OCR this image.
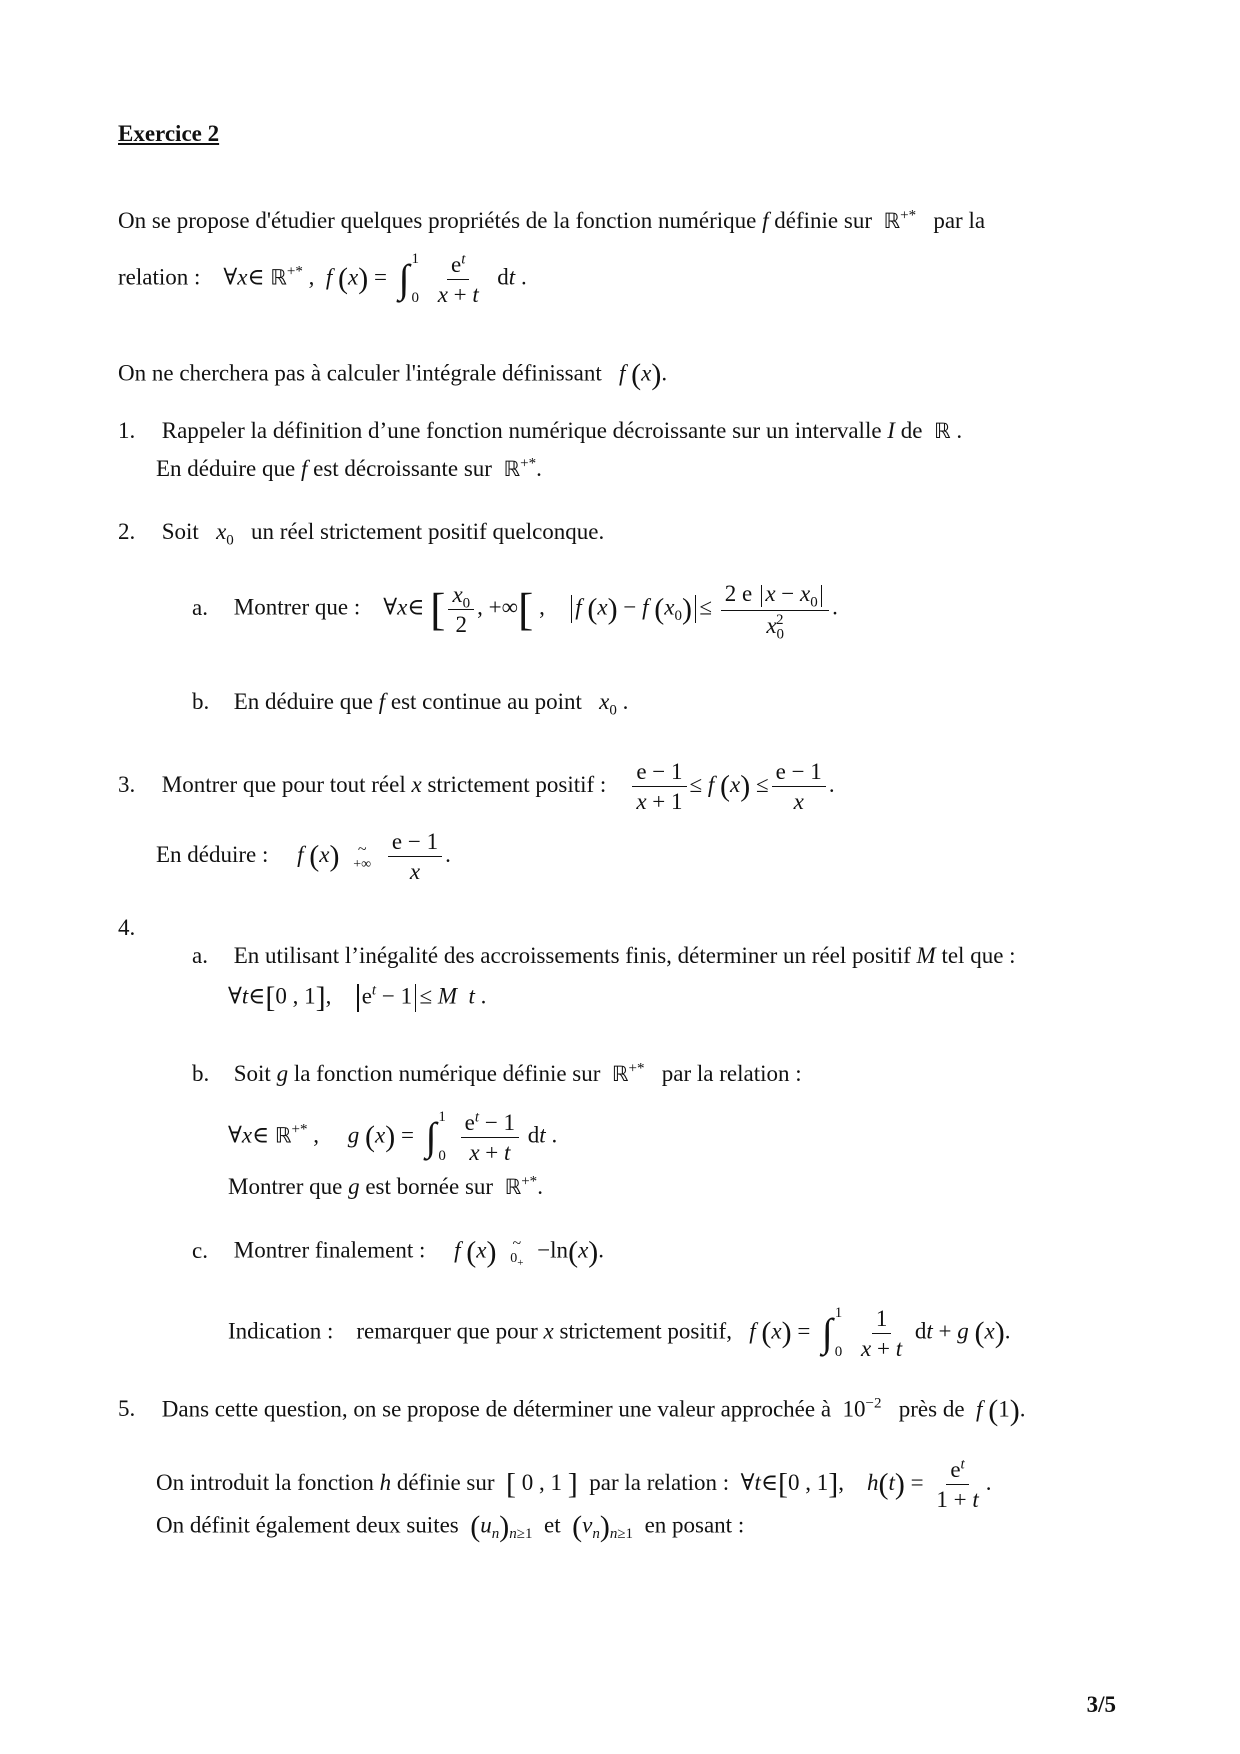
Exercice 2
On se propose d'étudier quelques propriétés de la fonction numérique f définie sur ℝ+* par la
relation : ∀x∈ ℝ+* ,  f (x) = ∫ 1
0
$\frac{e^t}{x + t}$ dt .
On ne cherchera pas à calculer l'intégrale définissant f (x).
1. Rappeler la définition d’une fonction numérique décroissante sur un intervalle I de ℝ .
En déduire que f est décroissante sur ℝ+*.
2. Soit $x_0$ un réel strictement positif quelconque.
a. Montrer que : ∀x∈ [ $\frac{x_0}{2}$ , +∞[ ,    f (x) − f $(x_0) \le \frac{2 e x - x_0}{x_0^2}$ .
b. En déduire que f est continue au point $x_0$ .
3. Montrer que pour tout réel x strictement positif : $\frac{e - 1}{x + 1} \le f$ $(x) \le \frac{e - 1}{x}$ .
En déduire : f (x) ~
+∞
$\frac{e - 1}{x}$ .
4.
a. En utilisant l’inégalité des accroissements finis, déterminer un réel positif M tel que :
∀t∈[0 , 1],    $e^t - 1 \le M$ t .
b. Soit g la fonction numérique définie sur ℝ+* par la relation :
∀x∈ ℝ+* ,     g (x) = ∫ 1
0
$\frac{e^t - 1}{x + t}$ dt .
Montrer que g est bornée sur ℝ+*.
c. Montrer finalement : f (x) ~
$0_+$
−ln(x).
Indication : remarquer que pour x strictement positif, f (x) = ∫ 1
0
$\frac{1}{x + t}$ dt + g (x).
5. Dans cette question, on se propose de déterminer une valeur approchée à  $10^{-2}$ près de f (1).
On introduit la fonction h définie sur [ 0 , 1 ] par la relation :  ∀t∈[0 , 1],    $h(t) = \frac{e^t}{1 + t}$ .
On définit également deux suites $(u_n)_{n\ge 1}$ et $(v_n)_{n\ge 1}$ en posant :
3/5
